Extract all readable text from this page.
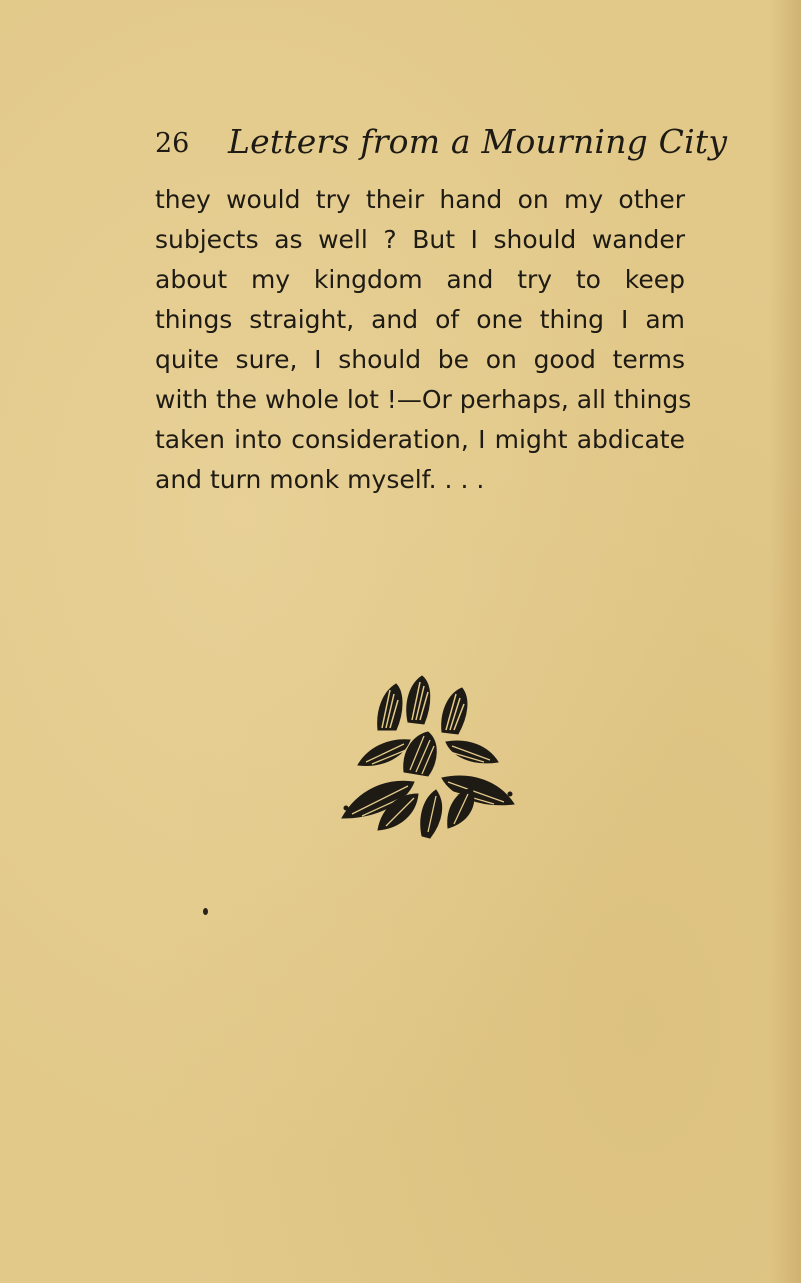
26 Letters from a Mourning City
they would try their hand on my other
subjects as well ? But I should wander
about my kingdom and try to keep
things straight, and of one thing I am
quite sure, I should be on good terms
with the whole lot !—Or perhaps, all things
taken into consideration, I might abdicate
and turn monk myself. . . .
